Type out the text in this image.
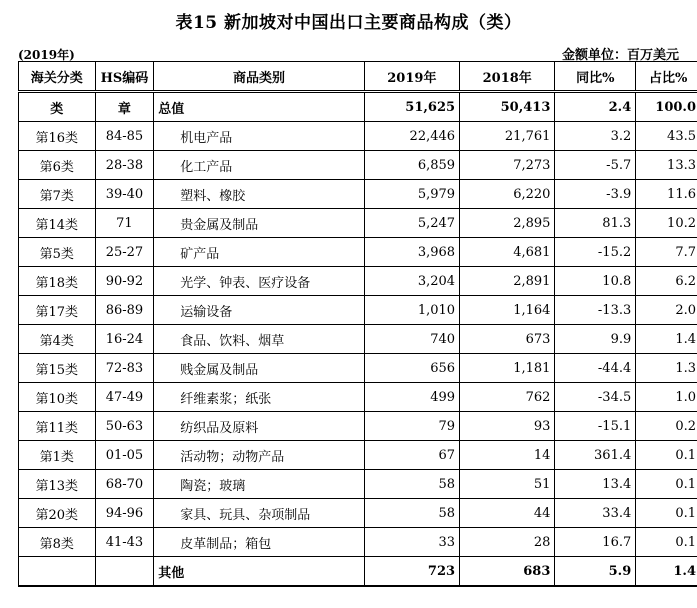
表15 新加坡对中国出口主要商品构成（类）
(2019年)	金额单位：百万美元
海关分类	HS编码	商品类别	2019年	2018年	同比%	占比%
类	章	总值	51,625	50,413	2.4	100.0
第16类	84-85	机电产品	22,446	21,761	3.2	43.5
第6类	28-38	化工产品	6,859	7,273	-5.7	13.3
第7类	39-40	塑料、橡胶	5,979	6,220	-3.9	11.6
第14类	71	贵金属及制品	5,247	2,895	81.3	10.2
第5类	25-27	矿产品	3,968	4,681	-15.2	7.7
第18类	90-92	光学、钟表、医疗设备	3,204	2,891	10.8	6.2
第17类	86-89	运输设备	1,010	1,164	-13.3	2.0
第4类	16-24	食品、饮料、烟草	740	673	9.9	1.4
第15类	72-83	贱金属及制品	656	1,181	-44.4	1.3
第10类	47-49	纤维素浆；纸张	499	762	-34.5	1.0
第11类	50-63	纺织品及原料	79	93	-15.1	0.2
第1类	01-05	活动物；动物产品	67	14	361.4	0.1
第13类	68-70	陶瓷；玻璃	58	51	13.4	0.1
第20类	94-96	家具、玩具、杂项制品	58	44	33.4	0.1
第8类	41-43	皮革制品；箱包	33	28	16.7	0.1
		其他	723	683	5.9	1.4
